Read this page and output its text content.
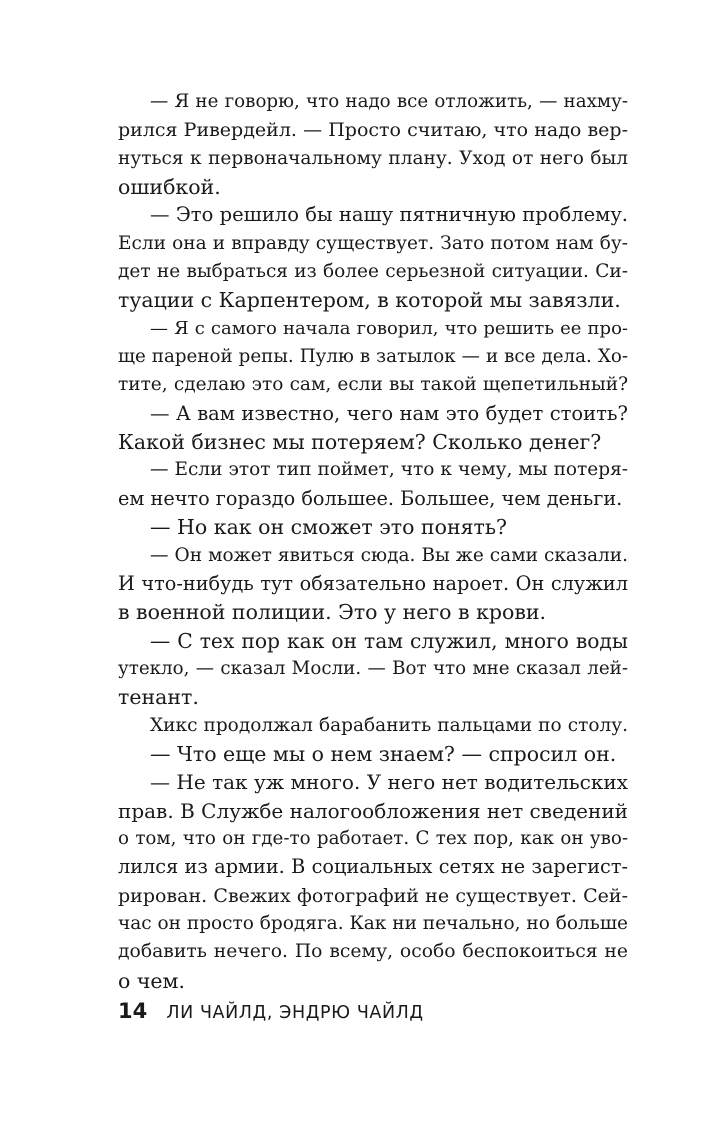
— Я не говорю, что надо все отложить, — нахму-
рился Ривердейл. — Просто считаю, что надо вер-
нуться к первоначальному плану. Уход от него был
ошибкой.
— Это решило бы нашу пятничную проблему.
Если она и вправду существует. Зато потом нам бу-
дет не выбраться из более серьезной ситуации. Си-
туации с Карпентером, в которой мы завязли.
— Я с самого начала говорил, что решить ее про-
ще пареной репы. Пулю в затылок — и все дела. Хо-
тите, сделаю это сам, если вы такой щепетильный?
— А вам известно, чего нам это будет стоить?
Какой бизнес мы потеряем? Сколько денег?
— Если этот тип поймет, что к чему, мы потеря-
ем нечто гораздо большее. Большее, чем деньги.
— Но как он сможет это понять?
— Он может явиться сюда. Вы же сами сказали.
И что-нибудь тут обязательно нароет. Он служил
в военной полиции. Это у него в крови.
— С тех пор как он там служил, много воды
утекло, — сказал Мосли. — Вот что мне сказал лей-
тенант.
Хикс продолжал барабанить пальцами по столу.
— Что еще мы о нем знаем? — спросил он.
— Не так уж много. У него нет водительских
прав. В Службе налогообложения нет сведений
о том, что он где-то работает. С тех пор, как он уво-
лился из армии. В социальных сетях не зарегист-
рирован. Свежих фотографий не существует. Сей-
час он просто бродяга. Как ни печально, но больше
добавить нечего. По всему, особо беспокоиться не
о чем.
14 ЛИ ЧАЙЛД, ЭНДРЮ ЧАЙЛД
